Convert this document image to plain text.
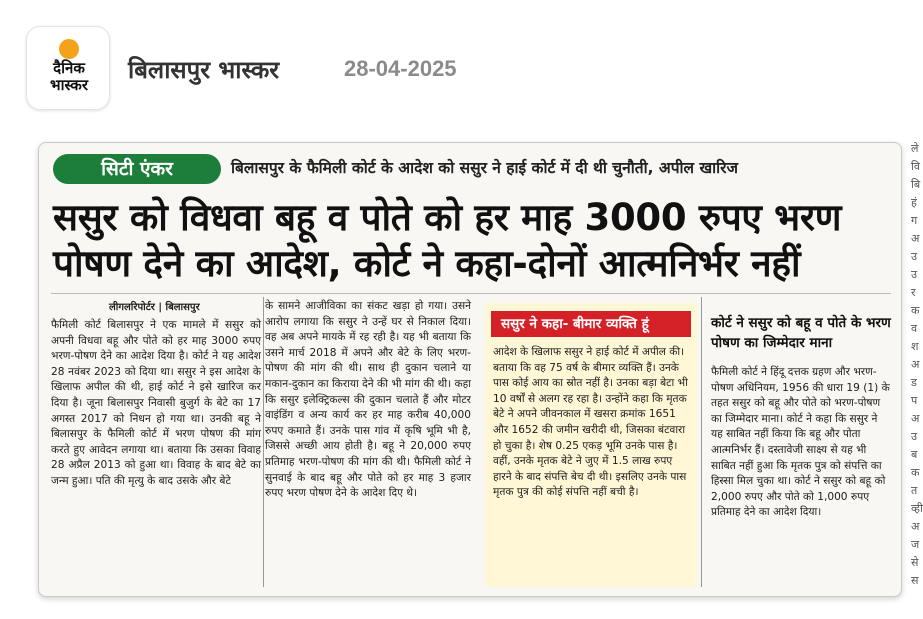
दैनिक
भास्कर
बिलासपुर भास्कर	28-04-2025
सिटी एंकर	बिलासपुर के फैमिली कोर्ट के आदेश को ससुर ने हाई कोर्ट में दी थी चुनौती, अपील खारिज
ससुर को विधवा बहू व पोते को हर माह 3000 रुपए भरण पोषण देने का आदेश, कोर्ट ने कहा-दोनों आत्मनिर्भर नहीं
लीगलरिपोर्टर | बिलासपुर
फैमिली कोर्ट बिलासपुर ने एक मामले में ससुर को अपनी विधवा बहू और पोते को हर माह 3000 रुपए भरण-पोषण देने का आदेश दिया है। कोर्ट ने यह आदेश 28 नवंबर 2023 को दिया था। ससुर ने इस आदेश के खिलाफ अपील की थी, हाई कोर्ट ने इसे खारिज कर दिया है। जूना बिलासपुर निवासी बुजुर्ग के बेटे का 17 अगस्त 2017 को निधन हो गया था। उनकी बहू ने बिलासपुर के फैमिली कोर्ट में भरण पोषण की मांग करते हुए आवेदन लगाया था। बताया कि उसका विवाह 28 अप्रैल 2013 को हुआ था। विवाह के बाद बेटे का जन्म हुआ। पति की मृत्यु के बाद उसके और बेटे
के सामने आजीविका का संकट खड़ा हो गया। उसने आरोप लगाया कि ससुर ने उन्हें घर से निकाल दिया। वह अब अपने मायके में रह रही है। यह भी बताया कि उसने मार्च 2018 में अपने और बेटे के लिए भरण-पोषण की मांग की थी। साथ ही दुकान चलाने या मकान-दुकान का किराया देने की भी मांग की थी। कहा कि ससुर इलेक्ट्रिकल्स की दुकान चलाते हैं और मोटर वाइंडिंग व अन्य कार्य कर हर माह करीब 40,000 रुपए कमाते हैं। उनके पास गांव में कृषि भूमि भी है, जिससे अच्छी आय होती है। बहू ने 20,000 रुपए प्रतिमाह भरण-पोषण की मांग की थी। फैमिली कोर्ट ने सुनवाई के बाद बहू और पोते को हर माह 3 हजार रुपए भरण पोषण देने के आदेश दिए थे।
ससुर ने कहा- बीमार व्यक्ति हूं
आदेश के खिलाफ ससुर ने हाई कोर्ट में अपील की। बताया कि वह 75 वर्ष के बीमार व्यक्ति हैं। उनके पास कोई आय का स्रोत नहीं है। उनका बड़ा बेटा भी 10 वर्षों से अलग रह रहा है। उन्होंने कहा कि मृतक बेटे ने अपने जीवनकाल में खसरा क्रमांक 1651 और 1652 की जमीन खरीदी थी, जिसका बंटवारा हो चुका है। शेष 0.25 एकड़ भूमि उनके पास है। वहीं, उनके मृतक बेटे ने जुए में 1.5 लाख रुपए हारने के बाद संपत्ति बेच दी थी। इसलिए उनके पास मृतक पुत्र की कोई संपत्ति नहीं बची है।
कोर्ट ने ससुर को बहू व पोते के भरण पोषण का जिम्मेदार माना
फैमिली कोर्ट ने हिंदू दत्तक ग्रहण और भरण-पोषण अधिनियम, 1956 की धारा 19 (1) के तहत ससुर को बहू और पोते को भरण-पोषण का जिम्मेदार माना। कोर्ट ने कहा कि ससुर ने यह साबित नहीं किया कि बहू और पोता आत्मनिर्भर हैं। दस्तावेजी साक्ष्य से यह भी साबित नहीं हुआ कि मृतक पुत्र को संपत्ति का हिस्सा मिल चुका था। कोर्ट ने ससुर को बहू को 2,000 रुपए और पोते को 1,000 रुपए प्रतिमाह देने का आदेश दिया।
ले वि बि हं ग अ उ उ र क व श अ ड प अ उ ब क त व्ही अ ज से स
